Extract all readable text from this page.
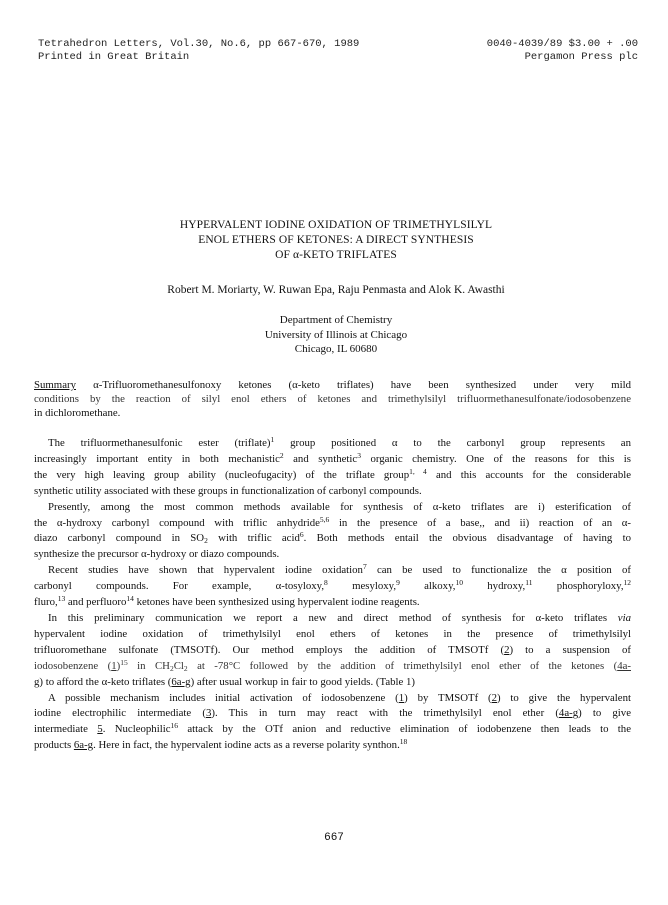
Tetrahedron Letters, Vol.30, No.6, pp 667-670, 1989	0040-4039/89 $3.00 + .00
Printed in Great Britain	Pergamon Press plc
HYPERVALENT IODINE OXIDATION OF TRIMETHYLSILYL
ENOL ETHERS OF KETONES: A DIRECT SYNTHESIS
OF α-KETO TRIFLATES
Robert M. Moriarty, W. Ruwan Epa, Raju Penmasta and Alok K. Awasthi
Department of Chemistry
University of Illinois at Chicago
Chicago, IL 60680
Summary α-Trifluoromethanesulfonoxy ketones (α-keto triflates) have been synthesized under very mild
conditions by the reaction of silyl enol ethers of ketones and trimethylsilyl trifluormethanesulfonate/iodosobenzene
in dichloromethane.
The trifluormethanesulfonic ester (triflate)$^1$ group positioned α to the carbonyl group represents an
increasingly important entity in both mechanistic$^2$ and synthetic$^3$ organic chemistry. One of the reasons for this is
the very high leaving group ability (nucleofugacity) of the triflate group$^{1, 4}$ and this accounts for the considerable
synthetic utility associated with these groups in functionalization of carbonyl compounds.
Presently, among the most common methods available for synthesis of α-keto triflates are i) esterification of
the α-hydroxy carbonyl compound with triflic anhydride$^{5,6}$ in the presence of a base,, and ii) reaction of an α-
diazo carbonyl compound in $SO_2$ with triflic acid$^6$. Both methods entail the obvious disadvantage of having to
synthesize the precursor α-hydroxy or diazo compounds.
Recent studies have shown that hypervalent iodine oxidation$^7$ can be used to functionalize the α position of
carbonyl compounds. For example, α-tosyloxy,$^8$ mesyloxy,$^9$ alkoxy,$^{10}$ hydroxy,$^{11}$ phosphoryloxy,$^{12}$
fluro,$^{13}$ and perfluoro$^{14}$ ketones have been synthesized using hypervalent iodine reagents.
In this preliminary communication we report a new and direct method of synthesis for α-keto triflates via
hypervalent iodine oxidation of trimethylsilyl enol ethers of ketones in the presence of trimethylsilyl
trifluoromethane sulfonate (TMSOTf). Our method employs the addition of TMSOTf (2) to a suspension of
iodosobenzene $(1)^{15}$ in $CH_2Cl_2$ at -78°C followed by the addition of trimethylsilyl enol ether of the ketones (4a-
g) to afford the α-keto triflates (6a-g) after usual workup in fair to good yields. (Table 1)
A possible mechanism includes initial activation of iodosobenzene (1) by TMSOTf (2) to give the hypervalent
iodine electrophilic intermediate (3). This in turn may react with the trimethylsilyl enol ether (4a-g) to give
intermediate 5. Nucleophilic$^{16}$ attack by the OTf anion and reductive elimination of iodobenzene then leads to the
products 6a-g. Here in fact, the hypervalent iodine acts as a reverse polarity synthon.$^{18}$
667
